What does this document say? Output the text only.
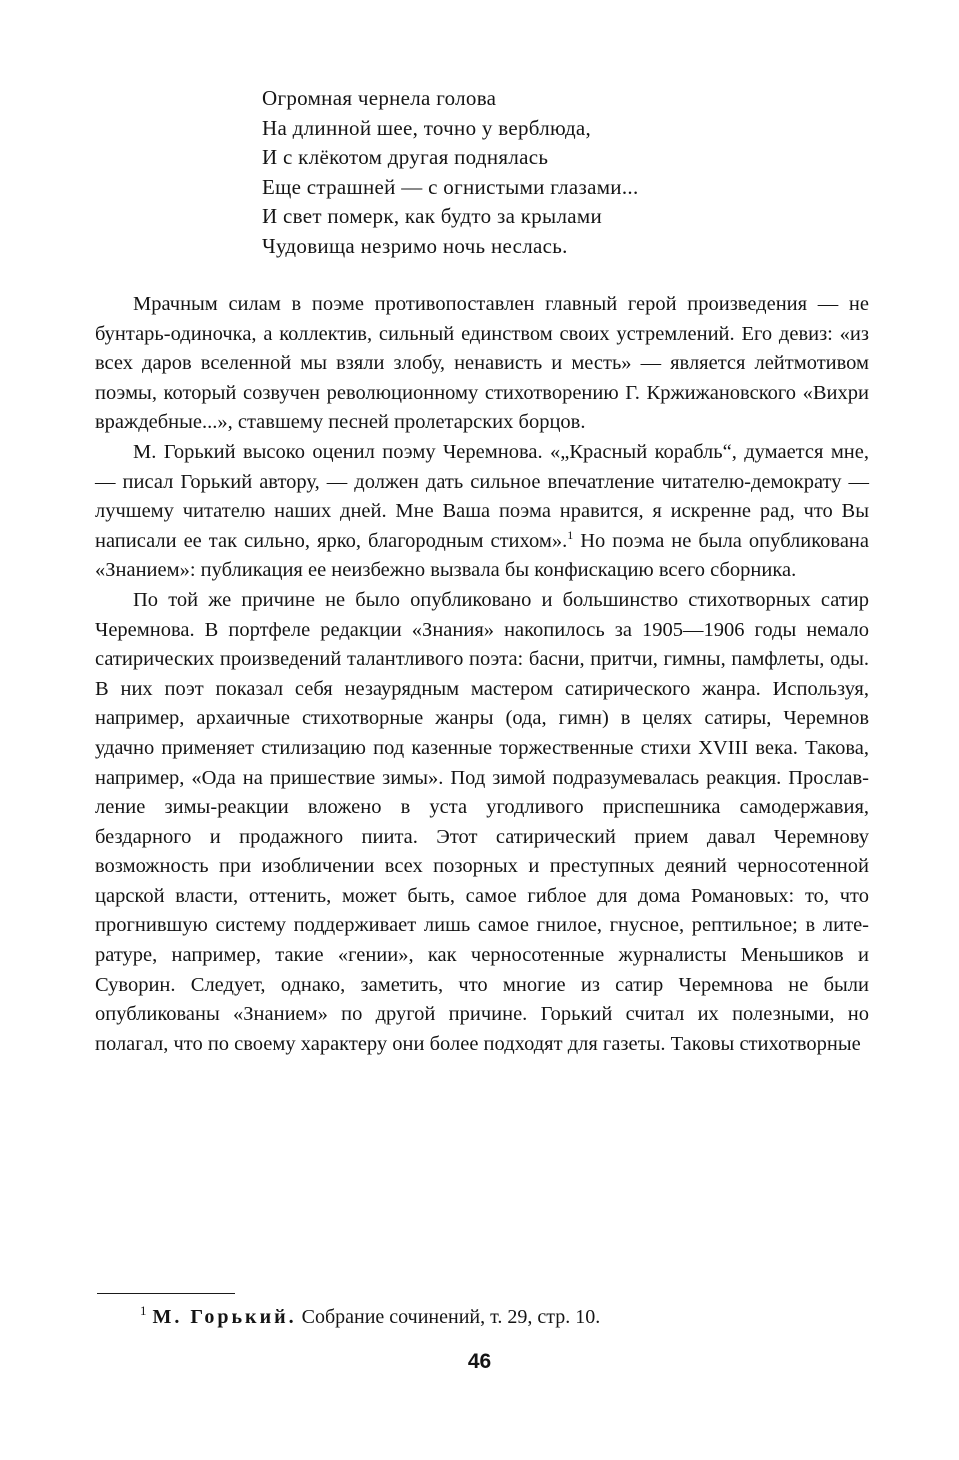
Огромная чернела голова
На длинной шее, точно у верблюда,
И с клёкотом другая поднялась
Еще страшней — с огнистыми глазами...
И свет померк, как будто за крылами
Чудовища незримо ночь неслась.

Мрачным силам в поэме противопоставлен главный герой произведения — не бунтарь-одиночка, а коллектив, сильный единством своих устремлений. Его девиз: «из всех даров вселенной мы взяли злобу, ненависть и месть» — является лейтмотивом поэмы, который созвучен революционному стихотворению Г. Кржижановского «Вихри враждебные...», ставшему песней пролетарских борцов.

М. Горький высоко оценил поэму Черемнова. «„Красный корабль“, думается мне, — писал Горький автору, — должен дать сильное впечатление читателю-демократу — лучшему читателю наших дней. Мне Ваша поэма нравится, я искренне рад, что Вы написали ее так сильно, ярко, благородным стихом».$^1$ Но поэма не была опубликована «Знанием»: публикация ее неизбежно вызвала бы конфискацию всего сборника.

По той же причине не было опубликовано и большинство стихотворных сатир Черемнова. В портфеле редакции «Знания» накопилось за 1905—1906 годы немало сатирических произведений талантливого поэта: басни, притчи, гимны, памфлеты, оды. В них поэт показал себя незаурядным мастером сатирического жанра. Используя, например, архаичные стихотворные жанры (ода, гимн) в целях сатиры, Черемнов удачно применяет стилизацию под казенные торжественные стихи XVIII века. Такова, например, «Ода на пришествие зимы». Под зимой подразумевалась реакция. Прославление зимы-реакции вложено в уста угодливого приспешника самодержавия, бездарного и продажного пиита. Этот сатирический прием давал Черемнову возможность при изобличении всех позорных и преступных деяний черносотенной царской власти, оттенить, может быть, самое гиблое для дома Романовых: то, что прогнившую систему поддерживает лишь самое гнилое, гнусное, рептильное; в литературе, например, такие «гении», как черносотенные журналисты Меньшиков и Суворин. Следует, однако, заметить, что многие из сатир Черемнова не были опубликованы «Знанием» по другой причине. Горький считал их полезными, но полагал, что по своему характеру они более подходят для газеты. Таковы стихотворные

$^1$ М. Горький. Собрание сочинений, т. 29, стр. 10.
46
